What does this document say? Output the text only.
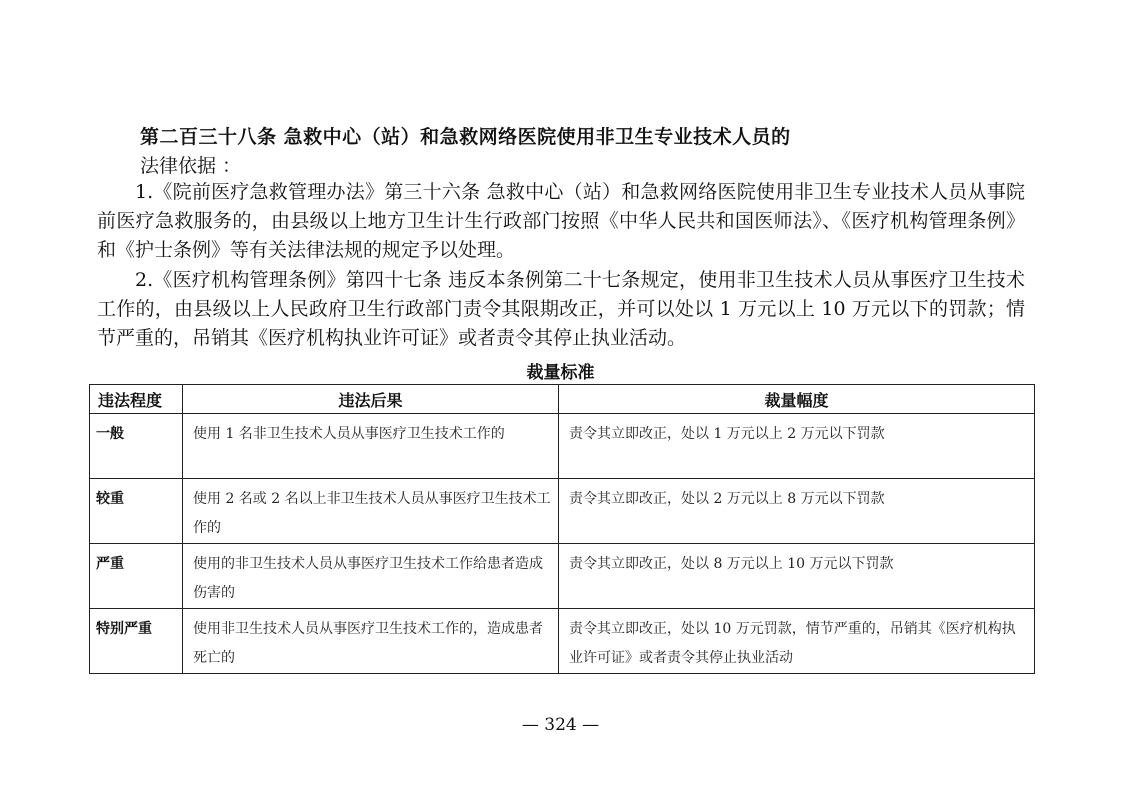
第二百三十八条 急救中心（站）和急救网络医院使用非卫生专业技术人员的
法律依据 ：

1.《院前医疗急救管理办法》第三十六条 急救中心（站）和急救网络医院使用非卫生专业技术人员从事院前医疗急救服务的，由县级以上地方卫生计生行政部门按照《中华人民共和国医师法》、《医疗机构管理条例》和《护士条例》等有关法律法规的规定予以处理。

2.《医疗机构管理条例》第四十七条 违反本条例第二十七条规定，使用非卫生技术人员从事医疗卫生技术工作的，由县级以上人民政府卫生行政部门责令其限期改正，并可以处以 1 万元以上 10 万元以下的罚款；情节严重的，吊销其《医疗机构执业许可证》或者责令其停止执业活动。

裁量标准
违法程度	违法后果	裁量幅度
一般	使用 1 名非卫生技术人员从事医疗卫生技术工作的	责令其立即改正，处以 1 万元以上 2 万元以下罚款
较重	使用 2 名或 2 名以上非卫生技术人员从事医疗卫生技术工作的	责令其立即改正，处以 2 万元以上 8 万元以下罚款
严重	使用的非卫生技术人员从事医疗卫生技术工作给患者造成伤害的	责令其立即改正，处以 8 万元以上 10 万元以下罚款
特别严重	使用非卫生技术人员从事医疗卫生技术工作的，造成患者死亡的	责令其立即改正，处以 10 万元罚款，情节严重的，吊销其《医疗机构执业许可证》或者责令其停止执业活动
— 324 —
